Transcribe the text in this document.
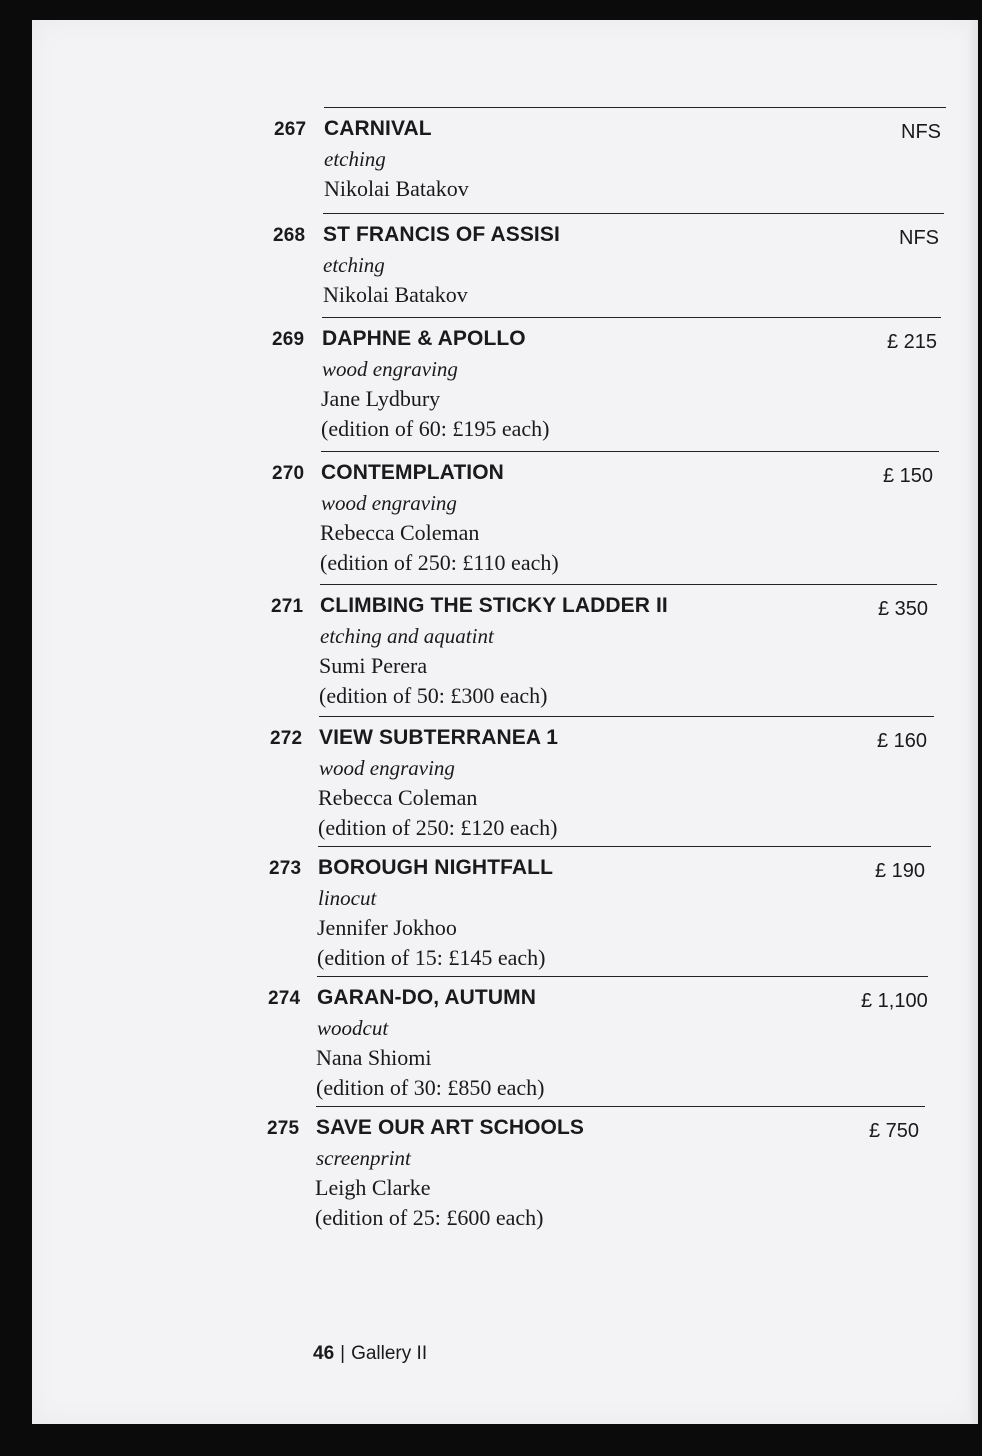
267 CARNIVAL
etching
Nikolai Batakov
NFS
268 ST FRANCIS OF ASSISI
etching
Nikolai Batakov
NFS
269 DAPHNE & APOLLO
wood engraving
Jane Lydbury
(edition of 60: £195 each)
£ 215
270 CONTEMPLATION
wood engraving
Rebecca Coleman
(edition of 250: £110 each)
£ 150
271 CLIMBING THE STICKY LADDER II
etching and aquatint
Sumi Perera
(edition of 50: £300 each)
£ 350
272 VIEW SUBTERRANEA 1
wood engraving
Rebecca Coleman
(edition of 250: £120 each)
£ 160
273 BOROUGH NIGHTFALL
linocut
Jennifer Jokhoo
(edition of 15: £145 each)
£ 190
274 GARAN-DO, AUTUMN
woodcut
Nana Shiomi
(edition of 30: £850 each)
£ 1,100
275 SAVE OUR ART SCHOOLS
screenprint
Leigh Clarke
(edition of 25: £600 each)
£ 750
46 | Gallery II
